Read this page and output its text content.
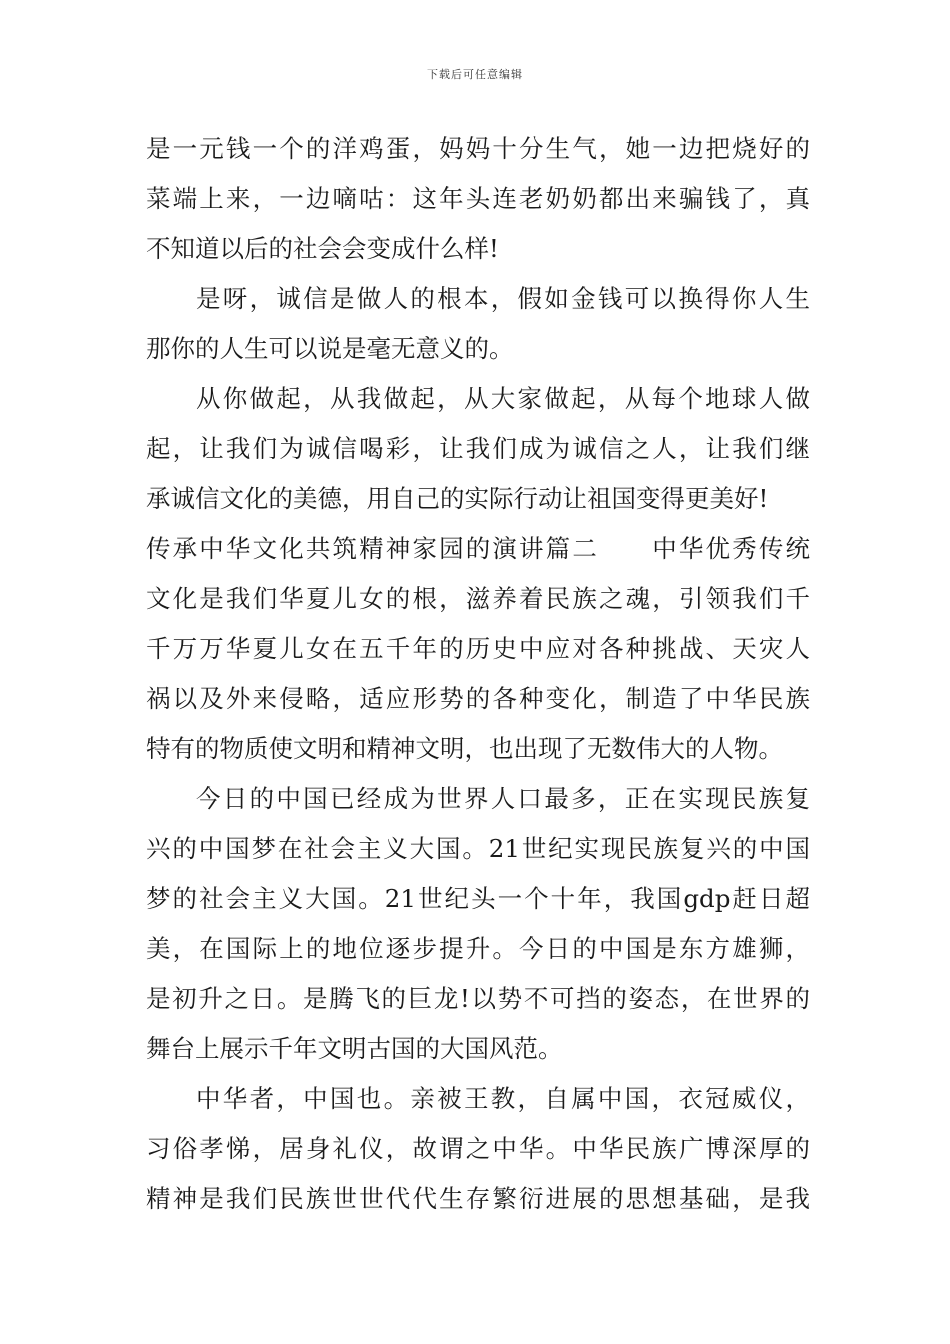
下载后可任意编辑
是一元钱一个的洋鸡蛋，妈妈十分生气，她一边把烧好的
菜端上来，一边嘀咕：这年头连老奶奶都出来骗钱了，真
不知道以后的社会会变成什么样!
是呀，诚信是做人的根本，假如金钱可以换得你人生
那你的人生可以说是毫无意义的。
从你做起，从我做起，从大家做起，从每个地球人做
起，让我们为诚信喝彩，让我们成为诚信之人，让我们继
承诚信文化的美德，用自己的实际行动让祖国变得更美好!
传承中华文化共筑精神家园的演讲篇二　　中华优秀传统
文化是我们华夏儿女的根，滋养着民族之魂，引领我们千
千万万华夏儿女在五千年的历史中应对各种挑战、天灾人
祸以及外来侵略，适应形势的各种变化，制造了中华民族
特有的物质使文明和精神文明，也出现了无数伟大的人物。
今日的中国已经成为世界人口最多，正在实现民族复
兴的中国梦在社会主义大国。21世纪实现民族复兴的中国
梦的社会主义大国。21世纪头一个十年，我国gdp赶日超
美，在国际上的地位逐步提升。今日的中国是东方雄狮，
是初升之日。是腾飞的巨龙!以势不可挡的姿态，在世界的
舞台上展示千年文明古国的大国风范。
中华者，中国也。亲被王教，自属中国，衣冠威仪，
习俗孝悌，居身礼仪，故谓之中华。中华民族广博深厚的
精神是我们民族世世代代生存繁衍进展的思想基础，是我
